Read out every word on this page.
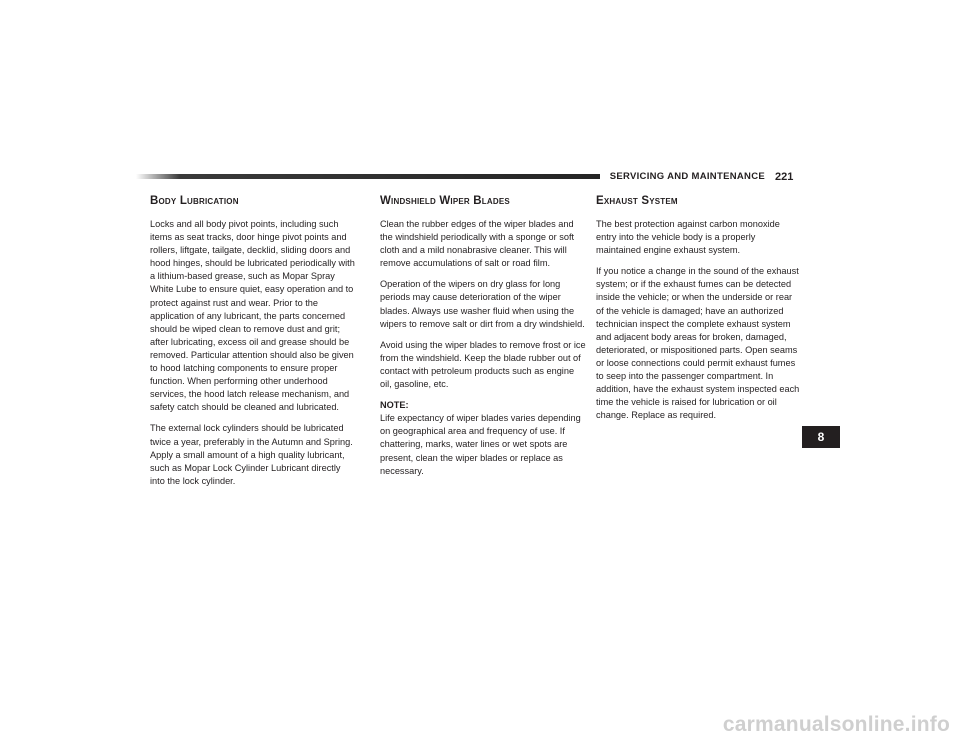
SERVICING AND MAINTENANCE 221
Body Lubrication

Locks and all body pivot points, including such items as seat tracks, door hinge pivot points and rollers, liftgate, tailgate, decklid, sliding doors and hood hinges, should be lubricated periodically with a lithium-based grease, such as Mopar Spray White Lube to ensure quiet, easy operation and to protect against rust and wear. Prior to the application of any lubricant, the parts concerned should be wiped clean to remove dust and grit; after lubricating, excess oil and grease should be removed. Particular attention should also be given to hood latching components to ensure proper function. When performing other underhood services, the hood latch release mechanism, and safety catch should be cleaned and lubricated.

The external lock cylinders should be lubricated twice a year, preferably in the Autumn and Spring. Apply a small amount of a high quality lubricant, such as Mopar Lock Cylinder Lubricant directly into the lock cylinder.

Windshield Wiper Blades

Clean the rubber edges of the wiper blades and the windshield periodically with a sponge or soft cloth and a mild nonabrasive cleaner. This will remove accumulations of salt or road film.

Operation of the wipers on dry glass for long periods may cause deterioration of the wiper blades. Always use washer fluid when using the wipers to remove salt or dirt from a dry windshield.

Avoid using the wiper blades to remove frost or ice from the windshield. Keep the blade rubber out of contact with petroleum products such as engine oil, gasoline, etc.

NOTE:

Life expectancy of wiper blades varies depending on geographical area and frequency of use. If chattering, marks, water lines or wet spots are present, clean the wiper blades or replace as necessary.

Exhaust System

The best protection against carbon monoxide entry into the vehicle body is a properly maintained engine exhaust system.

If you notice a change in the sound of the exhaust system; or if the exhaust fumes can be detected inside the vehicle; or when the underside or rear of the vehicle is damaged; have an authorized technician inspect the complete exhaust system and adjacent body areas for broken, damaged, deteriorated, or mispositioned parts. Open seams or loose connections could permit exhaust fumes to seep into the passenger compartment. In addition, have the exhaust system inspected each time the vehicle is raised for lubrication or oil change. Replace as required.

8
carmanualsonline.info
